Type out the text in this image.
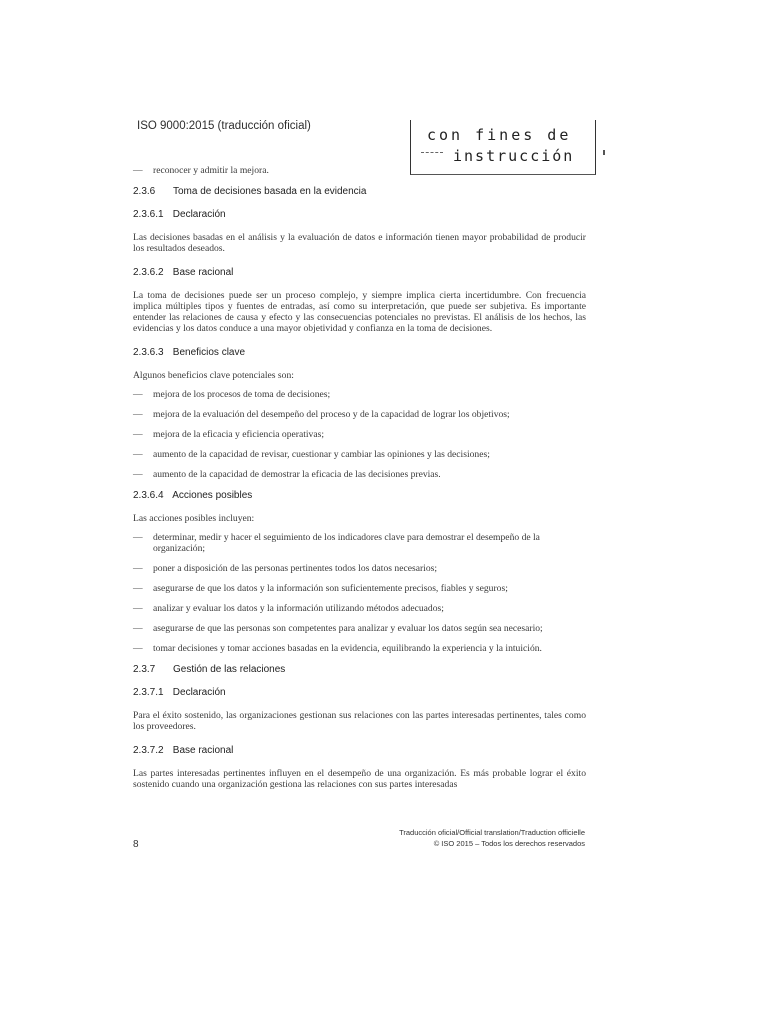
ISO 9000:2015 (traducción oficial)	con fines de
instrucción
— reconocer y admitir la mejora.
2.3.6 Toma de decisiones basada en la evidencia
2.3.6.1 Declaración

Las decisiones basadas en el análisis y la evaluación de datos e información tienen mayor probabilidad de producir los resultados deseados.

2.3.6.2 Base racional

La toma de decisiones puede ser un proceso complejo, y siempre implica cierta incertidumbre. Con frecuencia implica múltiples tipos y fuentes de entradas, así como su interpretación, que puede ser subjetiva. Es importante entender las relaciones de causa y efecto y las consecuencias potenciales no previstas. El análisis de los hechos, las evidencias y los datos conduce a una mayor objetividad y confianza en la toma de decisiones.

2.3.6.3 Beneficios clave

Algunos beneficios clave potenciales son:

— mejora de los procesos de toma de decisiones;
— mejora de la evaluación del desempeño del proceso y de la capacidad de lograr los objetivos;
— mejora de la eficacia y eficiencia operativas;
— aumento de la capacidad de revisar, cuestionar y cambiar las opiniones y las decisiones;
— aumento de la capacidad de demostrar la eficacia de las decisiones previas.
2.3.6.4 Acciones posibles

Las acciones posibles incluyen:

— determinar, medir y hacer el seguimiento de los indicadores clave para demostrar el desempeño de la organización;
— poner a disposición de las personas pertinentes todos los datos necesarios;
— asegurarse de que los datos y la información son suficientemente precisos, fiables y seguros;
— analizar y evaluar los datos y la información utilizando métodos adecuados;
— asegurarse de que las personas son competentes para analizar y evaluar los datos según sea necesario;
— tomar decisiones y tomar acciones basadas en la evidencia, equilibrando la experiencia y la intuición.
2.3.7 Gestión de las relaciones
2.3.7.1 Declaración

Para el éxito sostenido, las organizaciones gestionan sus relaciones con las partes interesadas pertinentes, tales como los proveedores.

2.3.7.2 Base racional

Las partes interesadas pertinentes influyen en el desempeño de una organización. Es más probable lograr el éxito sostenido cuando una organización gestiona las relaciones con sus partes interesadas

8
Traducción oficial/Official translation/Traduction officielle
© ISO 2015 – Todos los derechos reservados
